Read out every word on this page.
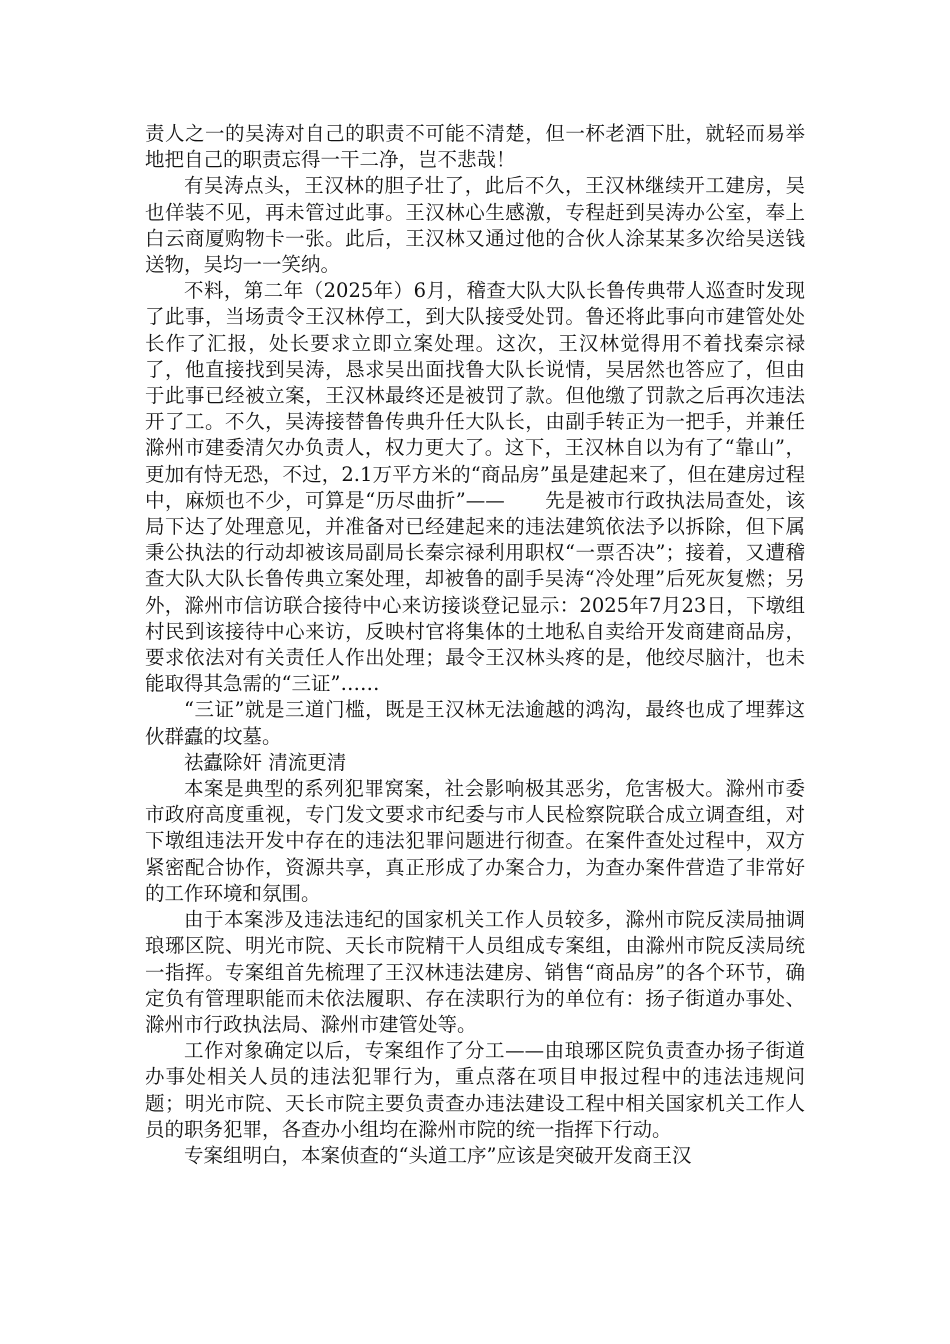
责人之一的吴涛对自己的职责不可能不清楚，但一杯老酒下肚，就轻而易举地把自己的职责忘得一干二净，岂不悲哉！

有吴涛点头，王汉林的胆子壮了，此后不久，王汉林继续开工建房，吴也佯装不见，再未管过此事。王汉林心生感激，专程赶到吴涛办公室，奉上白云商厦购物卡一张。此后，王汉林又通过他的合伙人涂某某多次给吴送钱送物，吴均一一笑纳。

不料，第二年（2025年）6月，稽查大队大队长鲁传典带人巡查时发现了此事，当场责令王汉林停工，到大队接受处罚。鲁还将此事向市建管处处长作了汇报，处长要求立即立案处理。这次，王汉林觉得用不着找秦宗禄了，他直接找到吴涛，恳求吴出面找鲁大队长说情，吴居然也答应了，但由于此事已经被立案，王汉林最终还是被罚了款。但他缴了罚款之后再次违法开了工。不久，吴涛接替鲁传典升任大队长，由副手转正为一把手，并兼任滁州市建委清欠办负责人，权力更大了。这下，王汉林自以为有了“靠山”，更加有恃无恐，不过，2.1万平方米的“商品房”虽是建起来了，但在建房过程中，麻烦也不少，可算是“历尽曲折”——　　先是被市行政执法局查处，该局下达了处理意见，并准备对已经建起来的违法建筑依法予以拆除，但下属秉公执法的行动却被该局副局长秦宗禄利用职权“一票否决”；接着，又遭稽查大队大队长鲁传典立案处理，却被鲁的副手吴涛“冷处理”后死灰复燃；另外，滁州市信访联合接待中心来访接谈登记显示：2025年7月23日，下墩组村民到该接待中心来访，反映村官将集体的土地私自卖给开发商建商品房，要求依法对有关责任人作出处理；最令王汉林头疼的是，他绞尽脑汁，也未能取得其急需的“三证”……

“三证”就是三道门槛，既是王汉林无法逾越的鸿沟，最终也成了埋葬这伙群蠹的坟墓。

祛蠹除奸 清流更清

本案是典型的系列犯罪窝案，社会影响极其恶劣，危害极大。滁州市委市政府高度重视，专门发文要求市纪委与市人民检察院联合成立调查组，对下墩组违法开发中存在的违法犯罪问题进行彻查。在案件查处过程中，双方紧密配合协作，资源共享，真正形成了办案合力，为查办案件营造了非常好的工作环境和氛围。

由于本案涉及违法违纪的国家机关工作人员较多，滁州市院反渎局抽调琅琊区院、明光市院、天长市院精干人员组成专案组，由滁州市院反渎局统一指挥。专案组首先梳理了王汉林违法建房、销售“商品房”的各个环节，确定负有管理职能而未依法履职、存在渎职行为的单位有：扬子街道办事处、滁州市行政执法局、滁州市建管处等。

工作对象确定以后，专案组作了分工——由琅琊区院负责查办扬子街道办事处相关人员的违法犯罪行为，重点落在项目申报过程中的违法违规问题；明光市院、天长市院主要负责查办违法建设工程中相关国家机关工作人员的职务犯罪，各查办小组均在滁州市院的统一指挥下行动。

专案组明白，本案侦查的“头道工序”应该是突破开发商王汉
